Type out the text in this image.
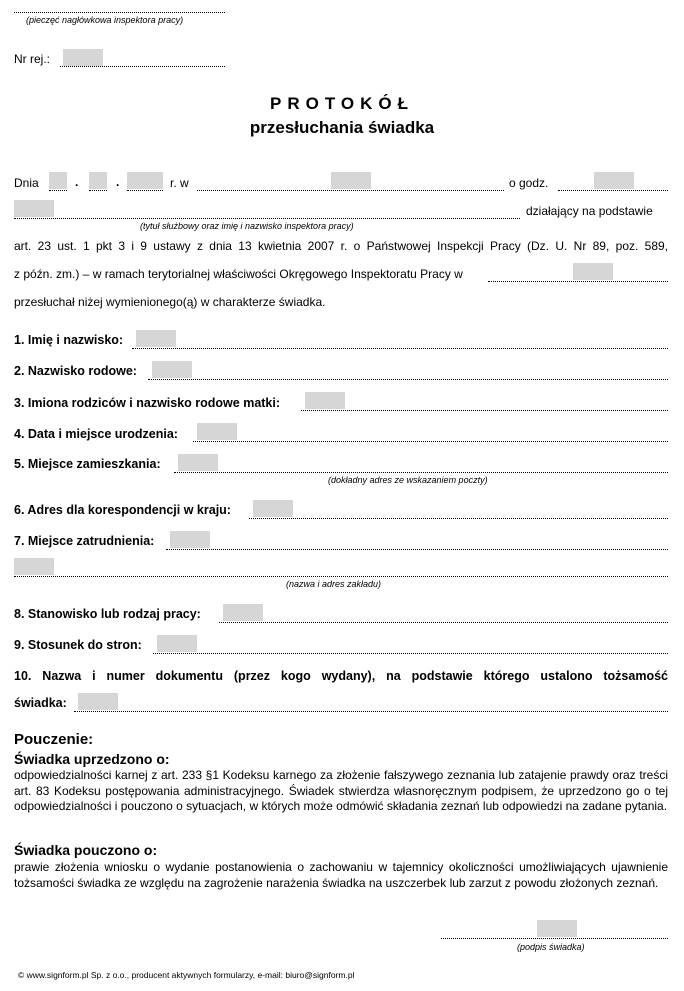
(pieczęć nagłówkowa inspektora pracy)
Nr rej.:
PROTOKÓŁ
przesłuchania świadka
Dnia	.	.	r. w	o godz.
działający na podstawie
(tytuł służbowy oraz imię i nazwisko inspektora pracy)
art. 23 ust. 1 pkt 3 i 9 ustawy z dnia 13 kwietnia 2007 r. o Państwowej Inspekcji Pracy (Dz. U. Nr 89, poz. 589,
z późn. zm.) – w ramach terytorialnej właściwości Okręgowego Inspektoratu Pracy w
przesłuchał niżej wymienionego(ą) w charakterze świadka.
1. Imię i nazwisko:
2. Nazwisko rodowe:
3. Imiona rodziców i nazwisko rodowe matki:
4. Data i miejsce urodzenia:
5. Miejsce zamieszkania:
(dokładny adres ze wskazaniem poczty)
6. Adres dla korespondencji w kraju:
7. Miejsce zatrudnienia:
(nazwa i adres zakładu)
8. Stanowisko lub rodzaj pracy:
9. Stosunek do stron:
10. Nazwa i numer dokumentu (przez kogo wydany), na podstawie którego ustalono tożsamość
świadka:
Pouczenie:
Świadka uprzedzono o:
odpowiedzialności karnej z art. 233 §1 Kodeksu karnego za złożenie fałszywego zeznania lub zatajenie prawdy oraz treści art. 83 Kodeksu postępowania administracyjnego. Świadek stwierdza własnoręcznym podpisem, że uprzedzono go o tej odpowiedzialności i pouczono o sytuacjach, w których może odmówić składania zeznań lub odpowiedzi na zadane pytania.
Świadka pouczono o:
prawie złożenia wniosku o wydanie postanowienia o zachowaniu w tajemnicy okoliczności umożliwiających ujawnienie tożsamości świadka ze względu na zagrożenie narażenia świadka na uszczerbek lub zarzut z powodu złożonych zeznań.
(podpis świadka)
© www.signform.pl Sp. z o.o., producent aktywnych formularzy, e-mail: biuro@signform.pl
